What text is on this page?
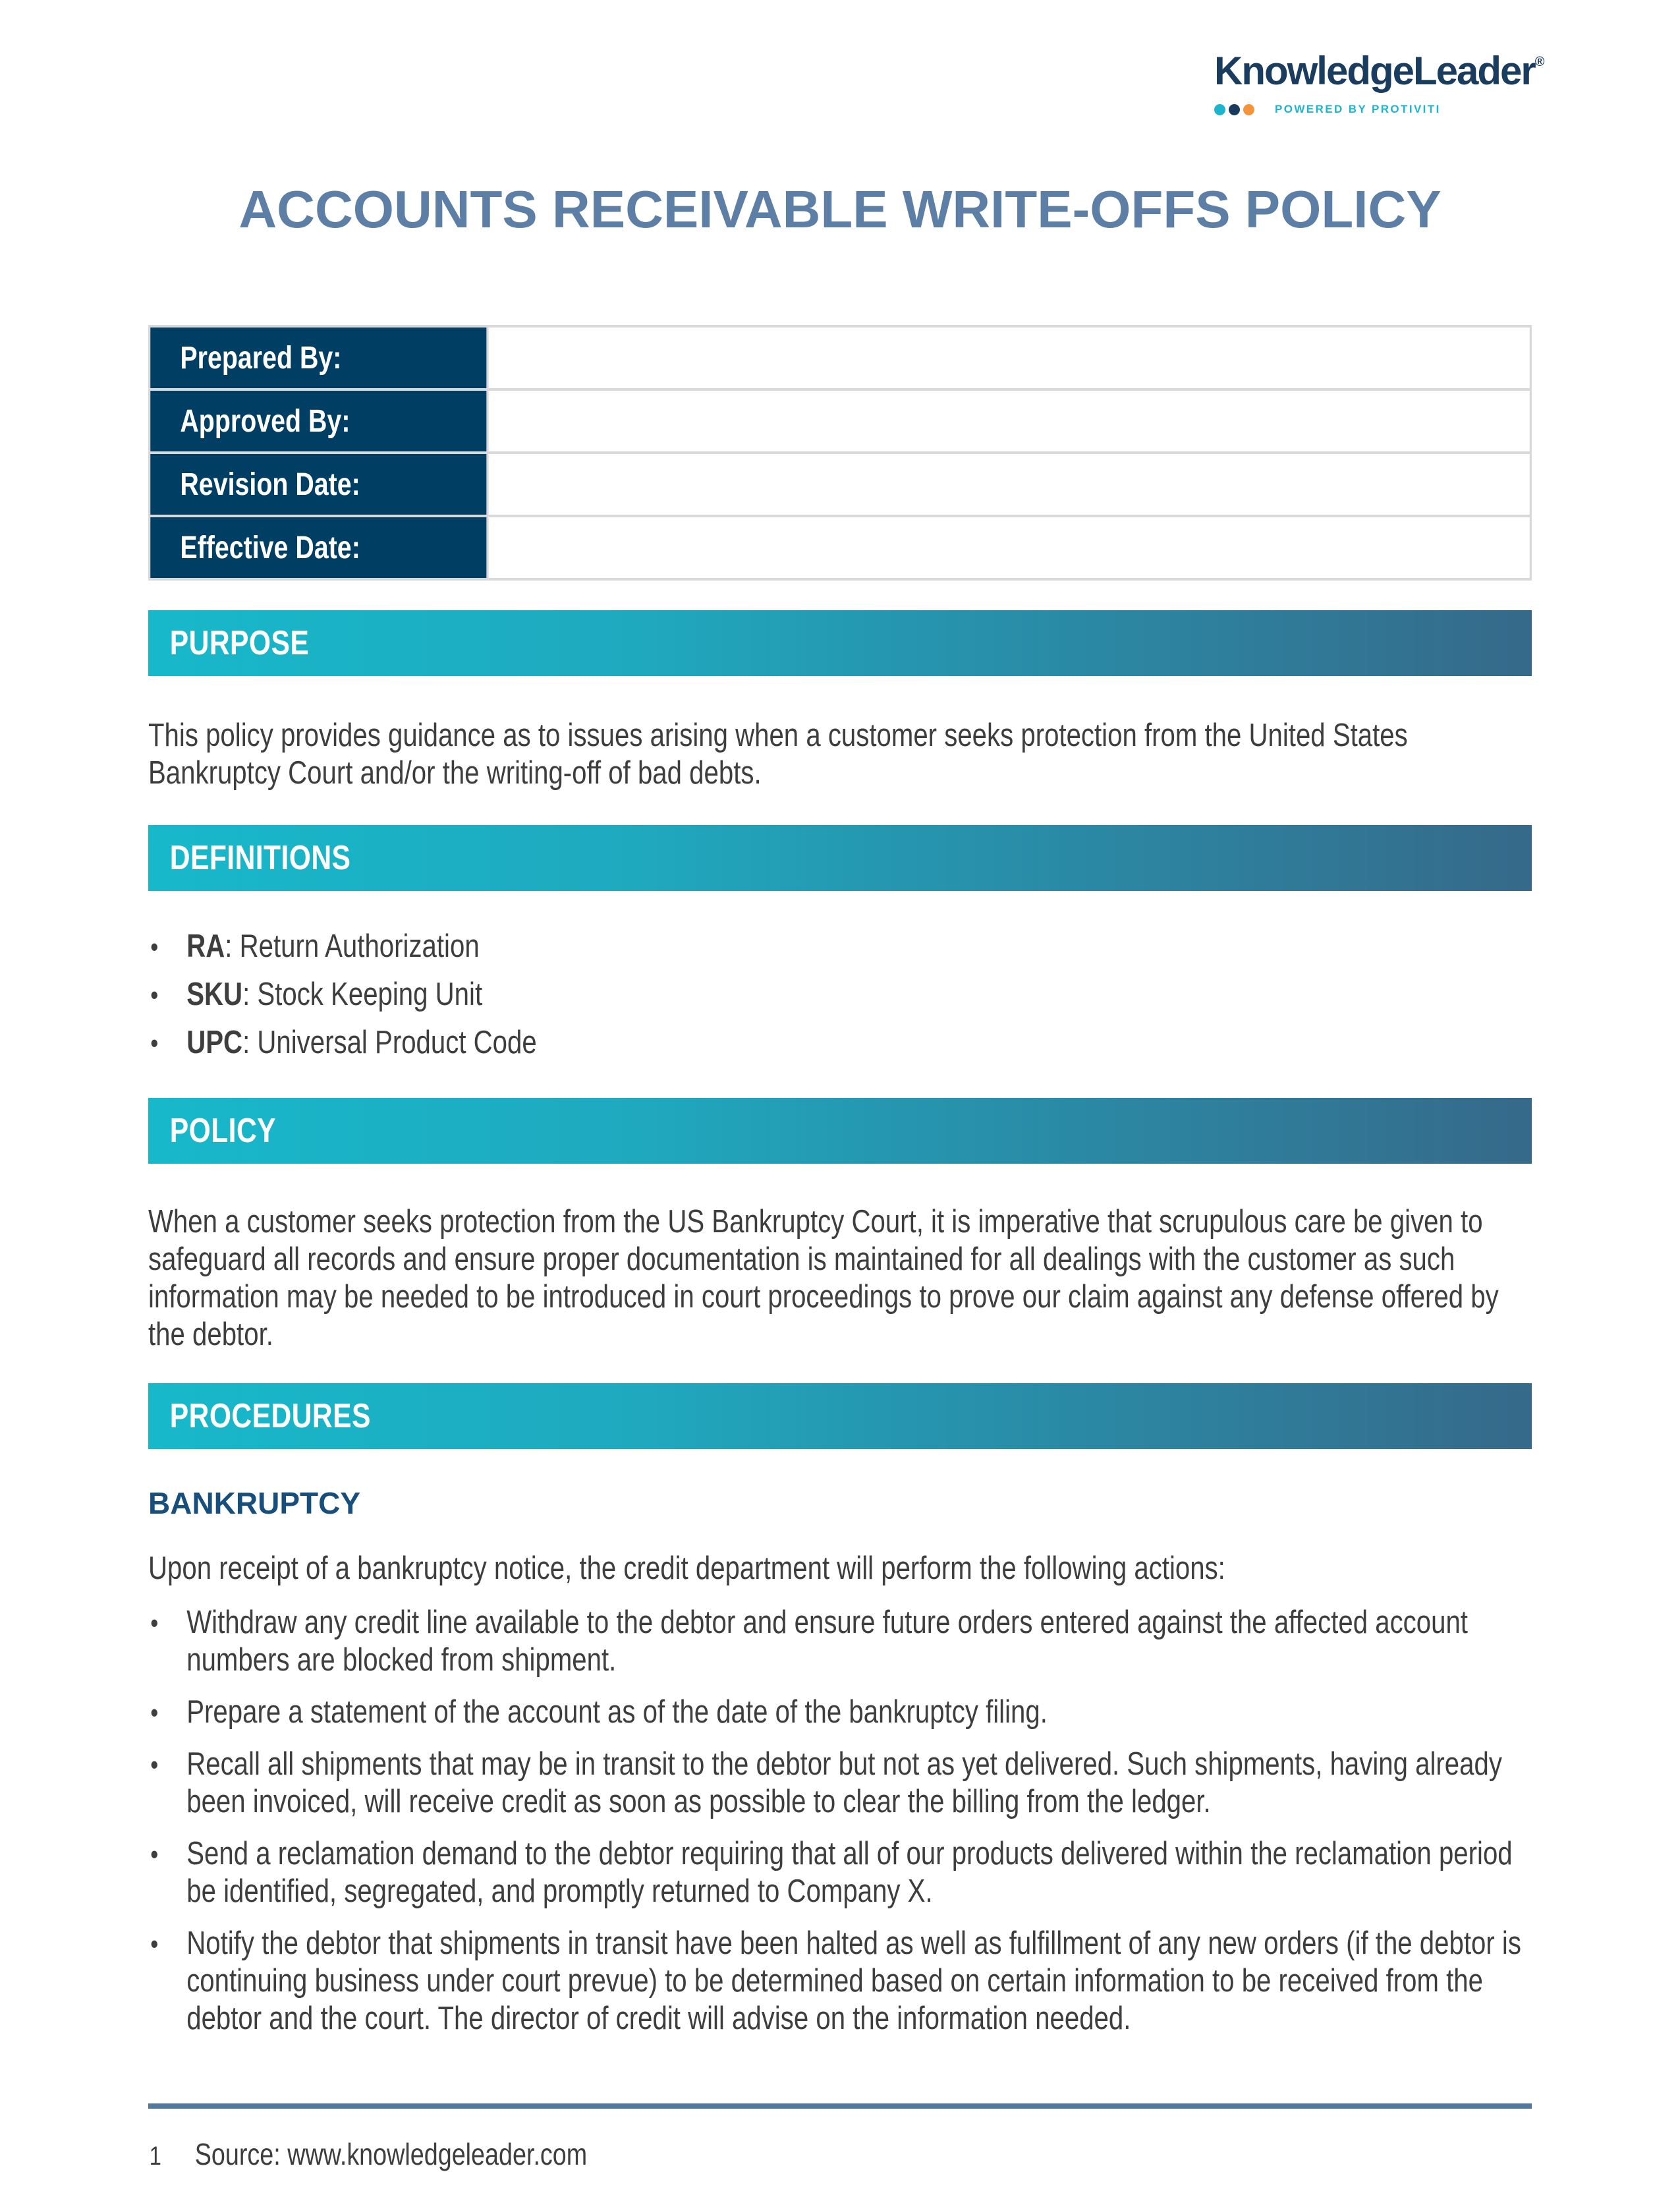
KnowledgeLeader®
POWERED BY PROTIVITI
ACCOUNTS RECEIVABLE WRITE-OFFS POLICY
Prepared By:	
Approved By:	
Revision Date:	
Effective Date:	
PURPOSE

This policy provides guidance as to issues arising when a customer seeks protection from the United States Bankruptcy Court and/or the writing-off of bad debts.

DEFINITIONS
• RA: Return Authorization
• SKU: Stock Keeping Unit
• UPC: Universal Product Code
POLICY

When a customer seeks protection from the US Bankruptcy Court, it is imperative that scrupulous care be given to safeguard all records and ensure proper documentation is maintained for all dealings with the customer as such information may be needed to be introduced in court proceedings to prove our claim against any defense offered by the debtor.

PROCEDURES
BANKRUPTCY

Upon receipt of a bankruptcy notice, the credit department will perform the following actions:

• Withdraw any credit line available to the debtor and ensure future orders entered against the affected account numbers are blocked from shipment.
• Prepare a statement of the account as of the date of the bankruptcy filing.
• Recall all shipments that may be in transit to the debtor but not as yet delivered. Such shipments, having already been invoiced, will receive credit as soon as possible to clear the billing from the ledger.
• Send a reclamation demand to the debtor requiring that all of our products delivered within the reclamation period be identified, segregated, and promptly returned to Company X.
• Notify the debtor that shipments in transit have been halted as well as fulfillment of any new orders (if the debtor is continuing business under court prevue) to be determined based on certain information to be received from the debtor and the court. The director of credit will advise on the information needed.
1 Source: www.knowledgeleader.com
